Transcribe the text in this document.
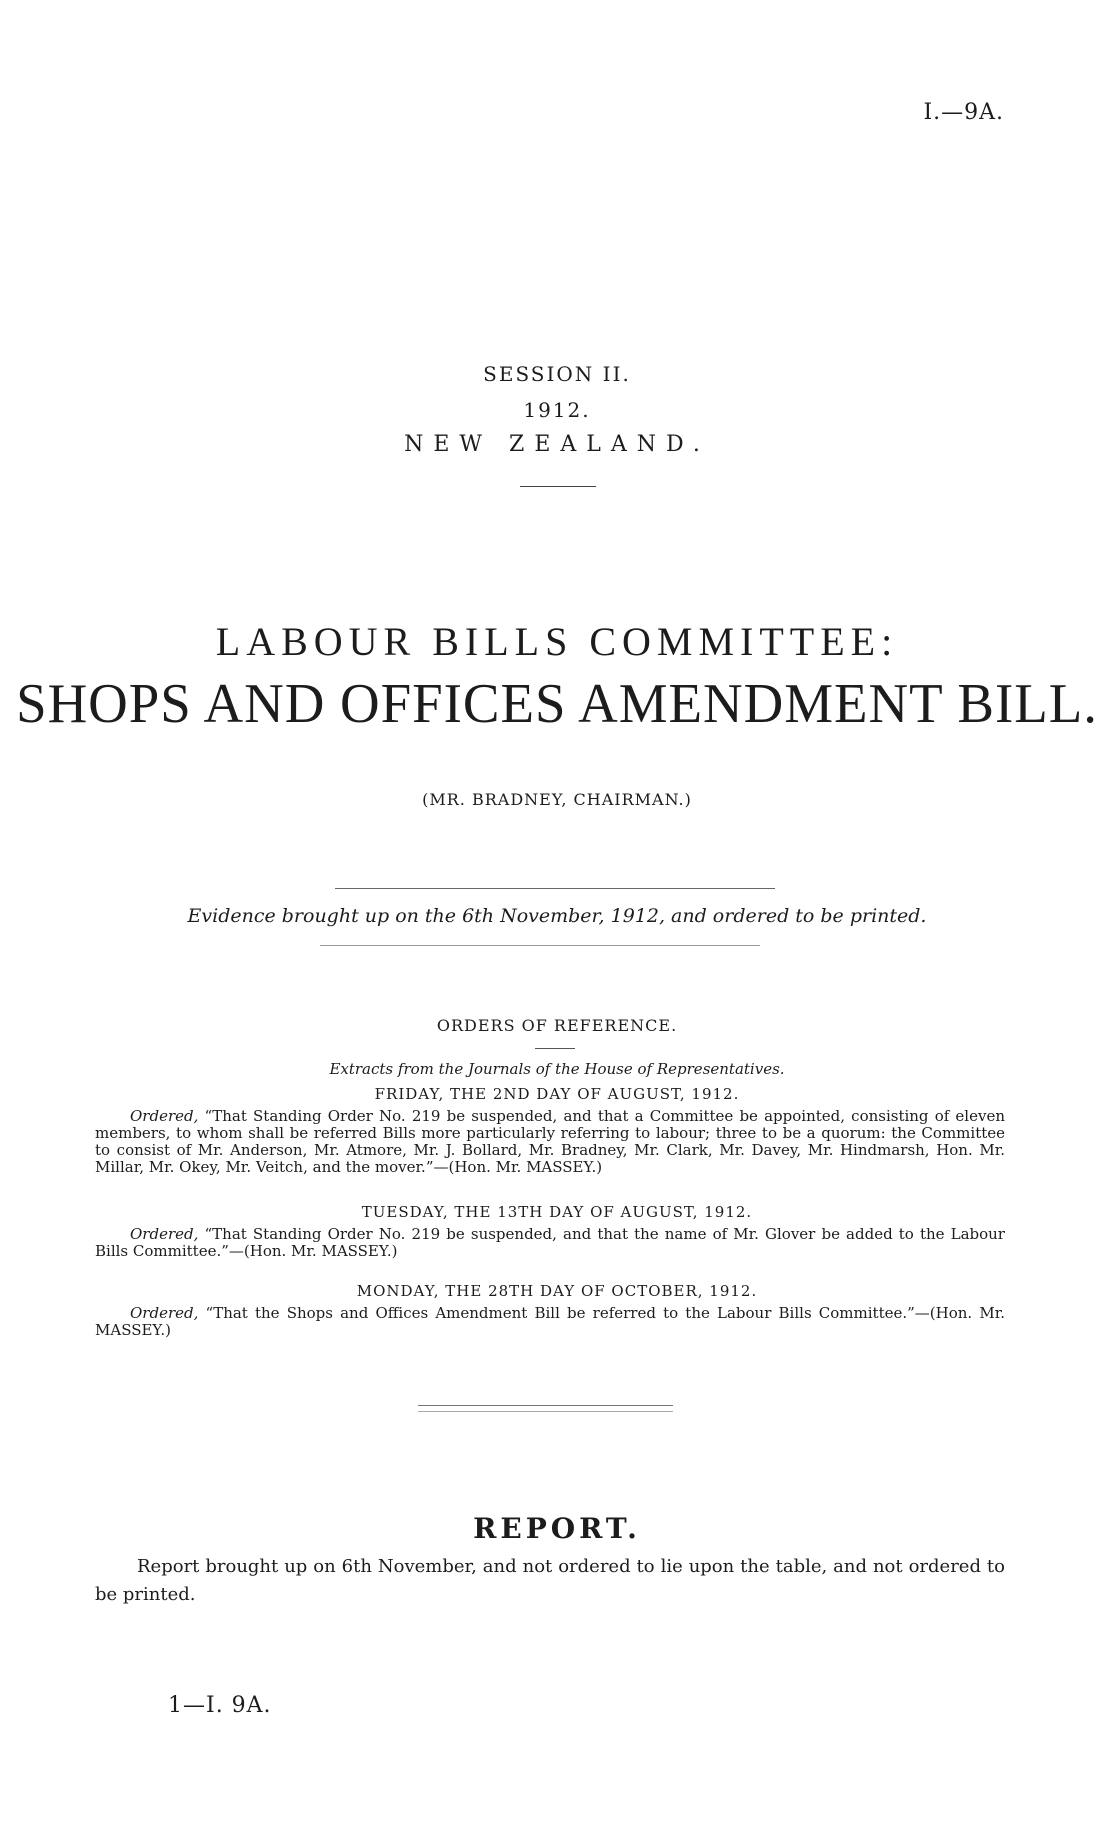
I.—9A.
SESSION II.
1912.
NEW ZEALAND.
LABOUR BILLS COMMITTEE:
SHOPS AND OFFICES AMENDMENT BILL.
(MR. BRADNEY, CHAIRMAN.)
Evidence brought up on the 6th November, 1912, and ordered to be printed.
ORDERS OF REFERENCE.
Extracts from the Journals of the House of Representatives.
FRIDAY, THE 2ND DAY OF AUGUST, 1912.
Ordered, “That Standing Order No. 219 be suspended, and that a Committee be appointed, consisting of eleven members, to whom shall be referred Bills more particularly referring to labour; three to be a quorum: the Committee to consist of Mr. Anderson, Mr. Atmore, Mr. J. Bollard, Mr. Bradney, Mr. Clark, Mr. Davey, Mr. Hindmarsh, Hon. Mr. Millar, Mr. Okey, Mr. Veitch, and the mover.”—(Hon. Mr. MASSEY.)
TUESDAY, THE 13TH DAY OF AUGUST, 1912.
Ordered, “That Standing Order No. 219 be suspended, and that the name of Mr. Glover be added to the Labour Bills Committee.”—(Hon. Mr. MASSEY.)
MONDAY, THE 28TH DAY OF OCTOBER, 1912.
Ordered, “That the Shops and Offices Amendment Bill be referred to the Labour Bills Committee.”—(Hon. Mr. MASSEY.)
REPORT.
Report brought up on 6th November, and not ordered to lie upon the table, and not ordered to be printed.
1—I. 9A.
